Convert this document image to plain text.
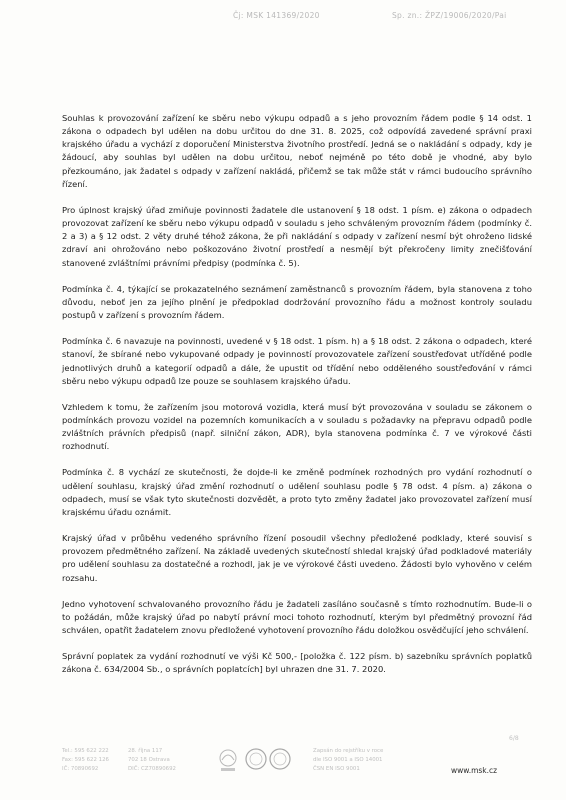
Čj: MSK 141369/2020	Sp. zn.: ŽPZ/19006/2020/Pai

Souhlas k provozování zařízení ke sběru nebo výkupu odpadů a s jeho provozním řádem podle § 14 odst. 1 zákona o odpadech byl udělen na dobu určitou do dne 31. 8. 2025, což odpovídá zavedené správní praxi krajského úřadu a vychází z doporučení Ministerstva životního prostředí. Jedná se o nakládání s odpady, kdy je žádoucí, aby souhlas byl udělen na dobu určitou, neboť nejméně po této době je vhodné, aby bylo přezkoumáno, jak žadatel s odpady v zařízení nakládá, přičemž se tak může stát v rámci budoucího správního řízení.

Pro úplnost krajský úřad zmiňuje povinnosti žadatele dle ustanovení § 18 odst. 1 písm. e) zákona o odpadech provozovat zařízení ke sběru nebo výkupu odpadů v souladu s jeho schváleným provozním řádem (podmínky č. 2 a 3) a § 12 odst. 2 věty druhé téhož zákona, že při nakládání s odpady v zařízení nesmí být ohroženo lidské zdraví ani ohrožováno nebo poškozováno životní prostředí a nesmějí být překročeny limity znečišťování stanovené zvláštními právními předpisy (podmínka č. 5).

Podmínka č. 4, týkající se prokazatelného seznámení zaměstnanců s provozním řádem, byla stanovena z toho důvodu, neboť jen za jejího plnění je předpoklad dodržování provozního řádu a možnost kontroly souladu postupů v zařízení s provozním řádem.

Podmínka č. 6 navazuje na povinnosti, uvedené v § 18 odst. 1 písm. h) a § 18 odst. 2 zákona o odpadech, které stanoví, že sbírané nebo vykupované odpady je povinností provozovatele zařízení soustřeďovat utříděné podle jednotlivých druhů a kategorií odpadů a dále, že upustit od třídění nebo odděleného soustřeďování v rámci sběru nebo výkupu odpadů lze pouze se souhlasem krajského úřadu.

Vzhledem k tomu, že zařízením jsou motorová vozidla, která musí být provozována v souladu se zákonem o podmínkách provozu vozidel na pozemních komunikacích a v souladu s požadavky na přepravu odpadů podle zvláštních právních předpisů (např. silniční zákon, ADR), byla stanovena podmínka č. 7 ve výrokové části rozhodnutí.

Podmínka č. 8 vychází ze skutečnosti, že dojde-li ke změně podmínek rozhodných pro vydání rozhodnutí o udělení souhlasu, krajský úřad změní rozhodnutí o udělení souhlasu podle § 78 odst. 4 písm. a) zákona o odpadech, musí se však tyto skutečnosti dozvědět, a proto tyto změny žadatel jako provozovatel zařízení musí krajskému úřadu oznámit.

Krajský úřad v průběhu vedeného správního řízení posoudil všechny předložené podklady, které souvisí s provozem předmětného zařízení. Na základě uvedených skutečností shledal krajský úřad podkladové materiály pro udělení souhlasu za dostatečné a rozhodl, jak je ve výrokové části uvedeno. Žádosti bylo vyhověno v celém rozsahu.

Jedno vyhotovení schvalovaného provozního řádu je žadateli zasíláno současně s tímto rozhodnutím. Bude-li o to požádán, může krajský úřad po nabytí právní moci tohoto rozhodnutí, kterým byl předmětný provozní řád schválen, opatřit žadatelem znovu předložené vyhotovení provozního řádu doložkou osvědčující jeho schválení.

Správní poplatek za vydání rozhodnutí ve výši Kč 500,- [položka č. 122 písm. b) sazebníku správních poplatků zákona č. 634/2004 Sb., o správních poplatcích] byl uhrazen dne 31. 7. 2020.

6/8
Tel.: 595 622 222
Fax: 595 622 126
IČ: 70890692
28. října 117
702 18 Ostrava
DIČ: CZ70890692
Zapsán do rejstříku v roce
dle ISO 9001 a ISO 14001
ČSN EN ISO 9001	www.msk.cz
